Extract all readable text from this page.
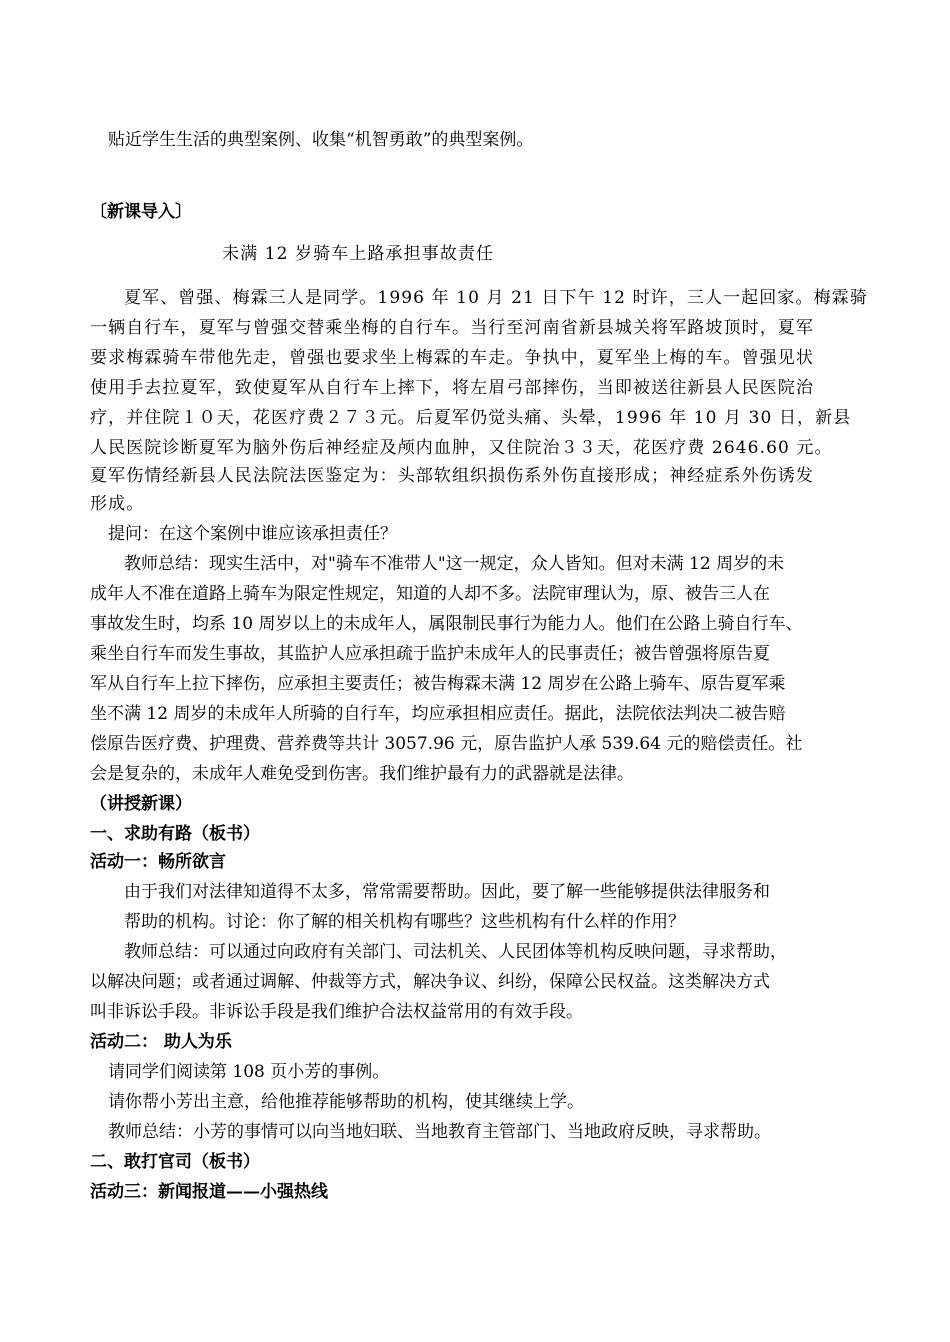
贴近学生生活的典型案例、收集“机智勇敢”的典型案例。
〔新课导入〕
未满 12 岁骑车上路承担事故责任
夏军、曾强、梅霖三人是同学。1996 年 10 月 21 日下午 12 时许，三人一起回家。梅霖骑
一辆自行车，夏军与曾强交替乘坐梅的自行车。当行至河南省新县城关将军路坡顶时，夏军
要求梅霖骑车带他先走，曾强也要求坐上梅霖的车走。争执中，夏军坐上梅的车。曾强见状
使用手去拉夏军，致使夏军从自行车上摔下，将左眉弓部摔伤，当即被送往新县人民医院治
疗，并住院１０天，花医疗费２７３元。后夏军仍觉头痛、头晕，1996 年 10 月 30 日，新县
人民医院诊断夏军为脑外伤后神经症及颅内血肿，又住院治３３天，花医疗费 2646.60 元。
夏军伤情经新县人民法院法医鉴定为：头部软组织损伤系外伤直接形成；神经症系外伤诱发
形成。
提问：在这个案例中谁应该承担责任？
教师总结：现实生活中，对"骑车不准带人"这一规定，众人皆知。但对未满 12 周岁的未
成年人不准在道路上骑车为限定性规定，知道的人却不多。法院审理认为，原、被告三人在
事故发生时，均系 10 周岁以上的未成年人，属限制民事行为能力人。他们在公路上骑自行车、
乘坐自行车而发生事故，其监护人应承担疏于监护未成年人的民事责任；被告曾强将原告夏
军从自行车上拉下摔伤，应承担主要责任；被告梅霖未满 12 周岁在公路上骑车、原告夏军乘
坐不满 12 周岁的未成年人所骑的自行车，均应承担相应责任。据此，法院依法判决二被告赔
偿原告医疗费、护理费、营养费等共计 3057.96 元，原告监护人承 539.64 元的赔偿责任。社
会是复杂的，未成年人难免受到伤害。我们维护最有力的武器就是法律。
（讲授新课）
一、求助有路（板书）
活动一：畅所欲言
由于我们对法律知道得不太多，常常需要帮助。因此，要了解一些能够提供法律服务和
帮助的机构。讨论：你了解的相关机构有哪些？这些机构有什么样的作用？
教师总结：可以通过向政府有关部门、司法机关、人民团体等机构反映问题，寻求帮助，
以解决问题；或者通过调解、仲裁等方式，解决争议、纠纷，保障公民权益。这类解决方式
叫非诉讼手段。非诉讼手段是我们维护合法权益常用的有效手段。
活动二： 助人为乐
请同学们阅读第 108 页小芳的事例。
请你帮小芳出主意，给他推荐能够帮助的机构，使其继续上学。
教师总结：小芳的事情可以向当地妇联、当地教育主管部门、当地政府反映，寻求帮助。
二、敢打官司（板书）
活动三：新闻报道——小强热线
